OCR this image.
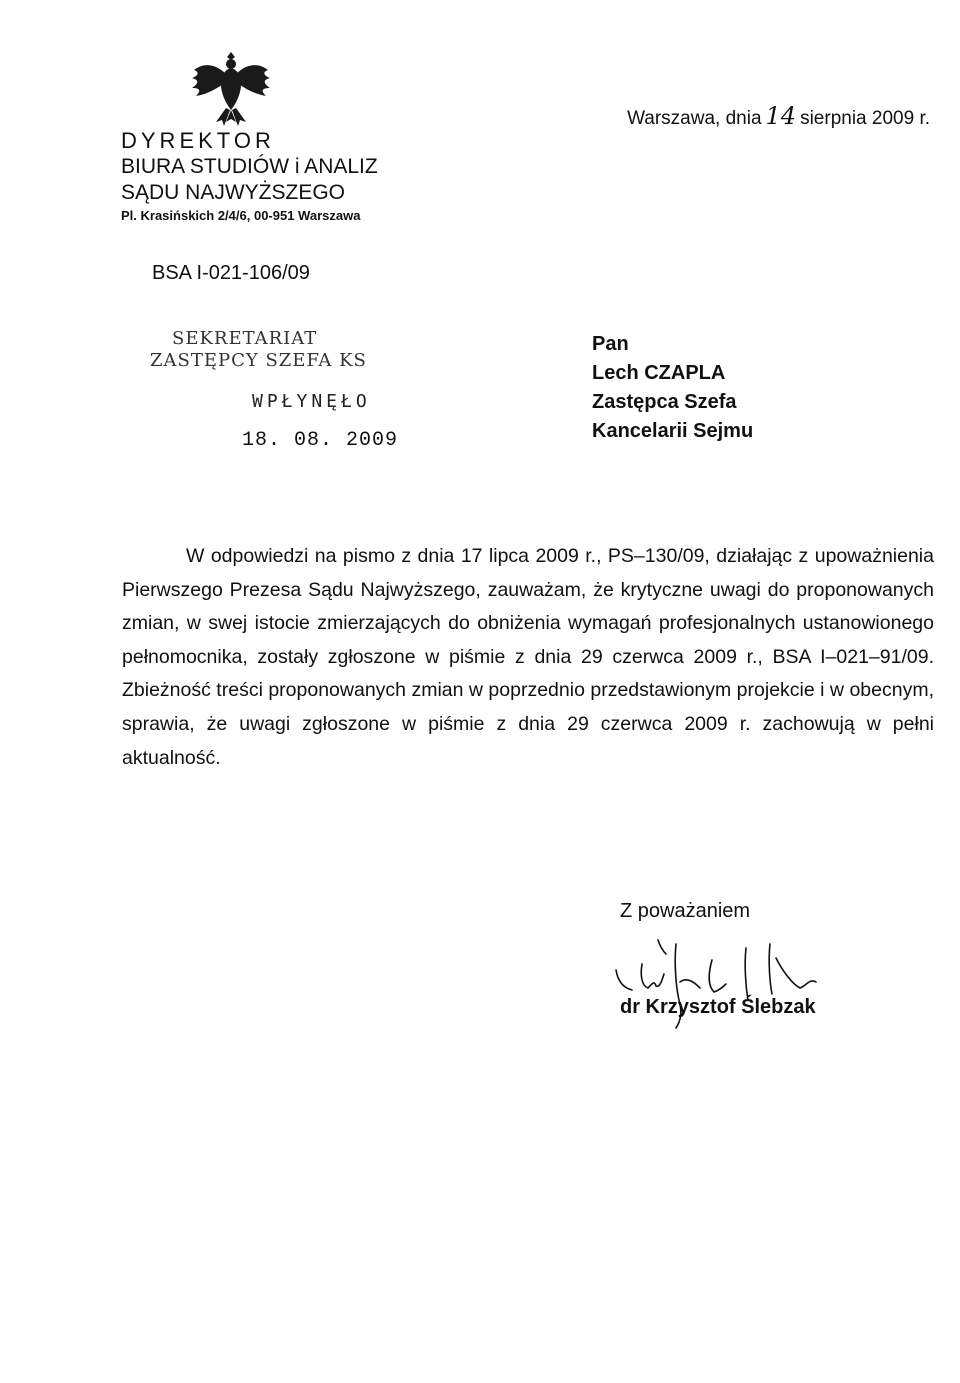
DYREKTOR
BIURA STUDIÓW i ANALIZ
SĄDU NAJWYŻSZEGO
Pl. Krasińskich 2/4/6, 00-951 Warszawa
Warszawa, dnia 14 sierpnia 2009 r.
BSA I-021-106/09
SEKRETARIAT
ZASTĘPCY SZEFA KS
WPŁYNĘŁO
18. 08. 2009
Pan
Lech CZAPLA
Zastępca Szefa
Kancelarii Sejmu
W odpowiedzi na pismo z dnia 17 lipca 2009 r., PS–130/09, działając z upoważnienia Pierwszego Prezesa Sądu Najwyższego, zauważam, że krytyczne uwagi do proponowanych zmian, w swej istocie zmierzających do obniżenia wymagań profesjonalnych ustanowionego pełnomocnika, zostały zgłoszone w piśmie z dnia 29 czerwca 2009 r., BSA I–021–91/09. Zbieżność treści proponowanych zmian w poprzednio przedstawionym projekcie i w obecnym, sprawia, że uwagi zgłoszone w piśmie z dnia 29 czerwca 2009 r. zachowują w pełni aktualność.
Z poważaniem
dr Krzysztof Ślebzak
